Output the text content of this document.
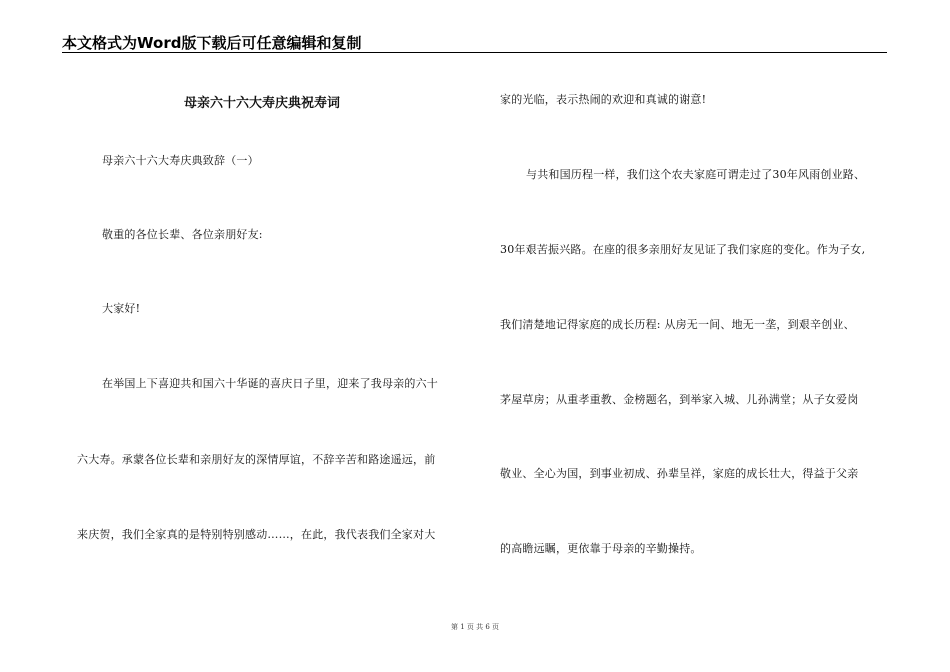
本文格式为Word版下载后可任意编辑和复制
母亲六十六大寿庆典祝寿词
母亲六十六大寿庆典致辞（一）
敬重的各位长辈、各位亲朋好友:
大家好!
在举国上下喜迎共和国六十华诞的喜庆日子里，迎来了我母亲的六十
六大寿。承蒙各位长辈和亲朋好友的深情厚谊，不辞辛苦和路途遥远，前
来庆贺，我们全家真的是特别特别感动……，在此，我代表我们全家对大
家的光临，表示热闹的欢迎和真诚的谢意!
与共和国历程一样，我们这个农夫家庭可谓走过了30年风雨创业路、
30年艰苦振兴路。在座的很多亲朋好友见证了我们家庭的变化。作为子女,
我们清楚地记得家庭的成长历程: 从房无一间、地无一垄，到艰辛创业、
茅屋草房；从重孝重教、金榜题名，到举家入城、儿孙满堂；从子女爱岗
敬业、全心为国，到事业初成、孙辈呈祥，家庭的成长壮大，得益于父亲
的高瞻远瞩，更依靠于母亲的辛勤操持。
第 1 页 共 6 页
